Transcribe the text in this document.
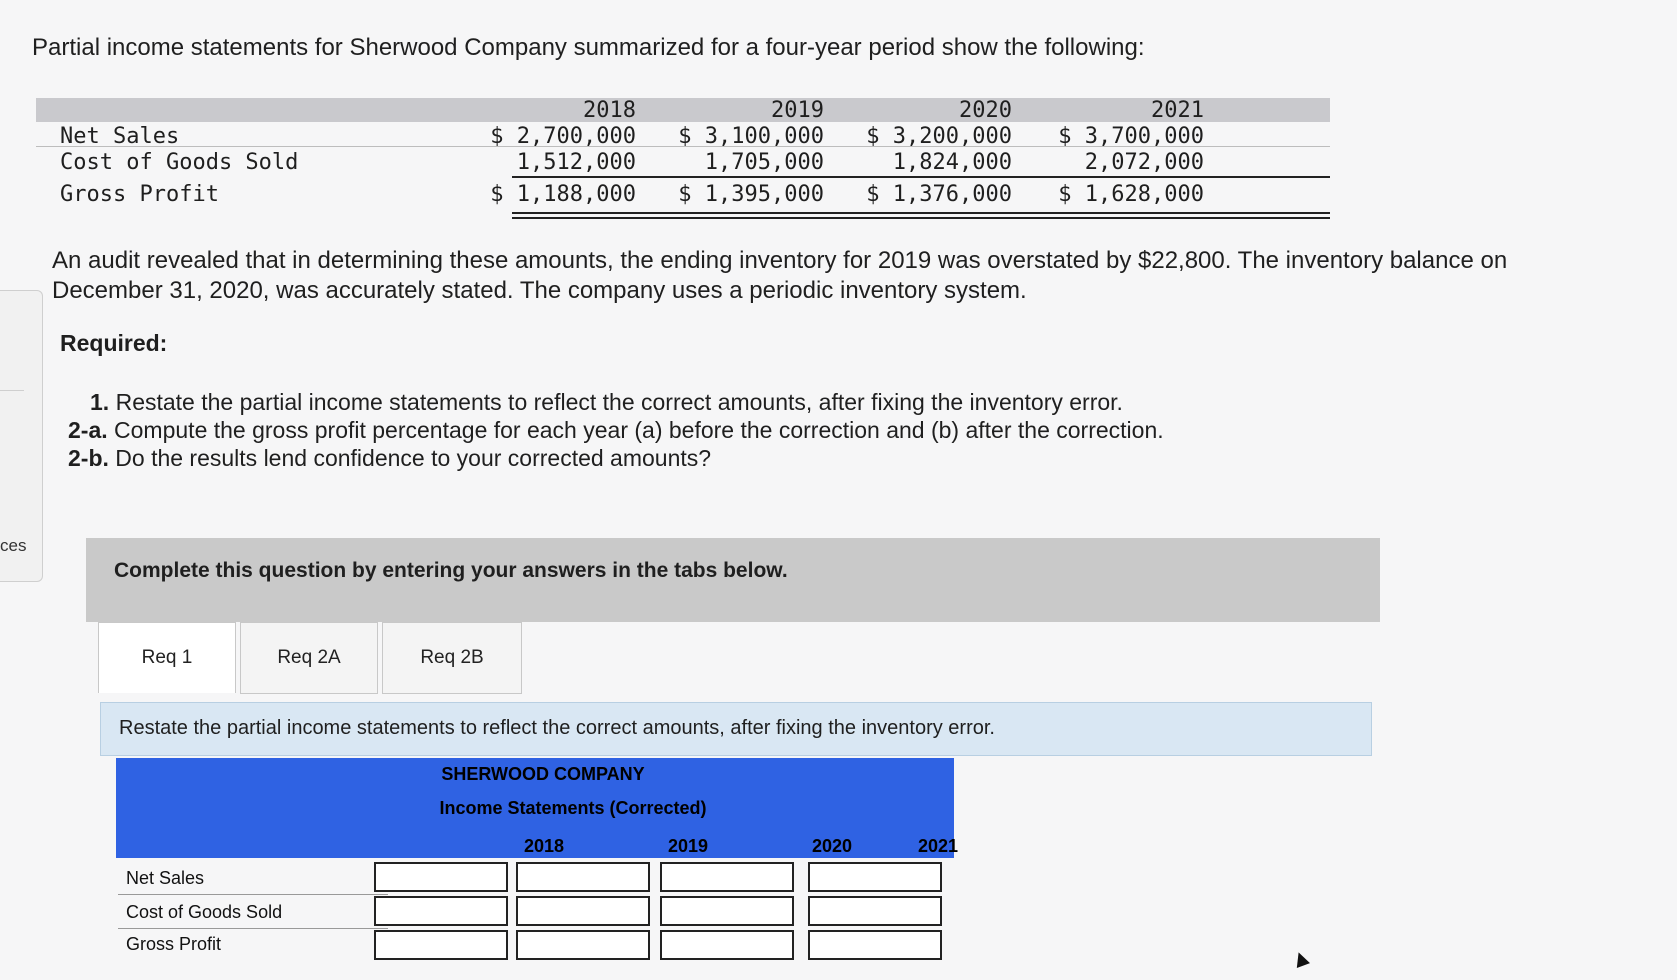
ces
Partial income statements for Sherwood Company summarized for a four-year period show the following:
2018	2019	2020	2021
Net Sales	$ 2,700,000	$ 3,100,000	$ 3,200,000	$ 3,700,000
Cost of Goods Sold	1,512,000	1,705,000	1,824,000	2,072,000
Gross Profit	$ 1,188,000	$ 1,395,000	$ 1,376,000	$ 1,628,000
An audit revealed that in determining these amounts, the ending inventory for 2019 was overstated by $22,800. The inventory balance on December 31, 2020, was accurately stated. The company uses a periodic inventory system.
Required:
1. Restate the partial income statements to reflect the correct amounts, after fixing the inventory error.
2-a. Compute the gross profit percentage for each year (a) before the correction and (b) after the correction.
2-b. Do the results lend confidence to your corrected amounts?
Complete this question by entering your answers in the tabs below.
Req 1	Req 2A	Req 2B
Restate the partial income statements to reflect the correct amounts, after fixing the inventory error.
SHERWOOD COMPANY
Income Statements (Corrected)
2018	2019	2020	2021
Net Sales
Cost of Goods Sold
Gross Profit
